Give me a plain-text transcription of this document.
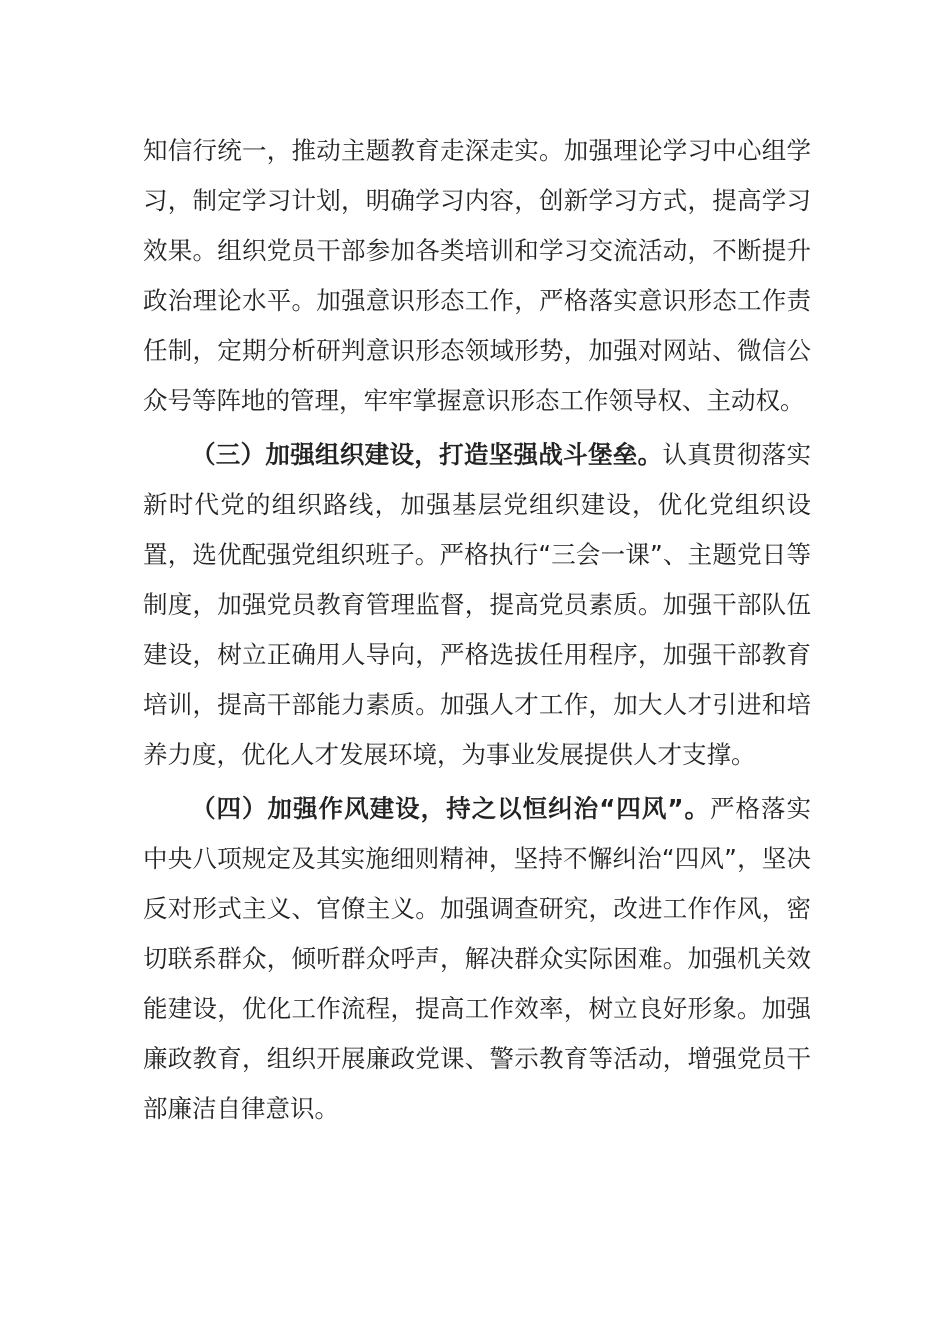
知信行统一，推动主题教育走深走实。加强理论学习中心组学习，制定学习计划，明确学习内容，创新学习方式，提高学习效果。组织党员干部参加各类培训和学习交流活动，不断提升政治理论水平。加强意识形态工作，严格落实意识形态工作责任制，定期分析研判意识形态领域形势，加强对网站、微信公众号等阵地的管理，牢牢掌握意识形态工作领导权、主动权。

（三）加强组织建设，打造坚强战斗堡垒。认真贯彻落实新时代党的组织路线，加强基层党组织建设，优化党组织设置，选优配强党组织班子。严格执行“三会一课”、主题党日等制度，加强党员教育管理监督，提高党员素质。加强干部队伍建设，树立正确用人导向，严格选拔任用程序，加强干部教育培训，提高干部能力素质。加强人才工作，加大人才引进和培养力度，优化人才发展环境，为事业发展提供人才支撑。

（四）加强作风建设，持之以恒纠治“四风”。严格落实中央八项规定及其实施细则精神，坚持不懈纠治“四风”，坚决反对形式主义、官僚主义。加强调查研究，改进工作作风，密切联系群众，倾听群众呼声，解决群众实际困难。加强机关效能建设，优化工作流程，提高工作效率，树立良好形象。加强廉政教育，组织开展廉政党课、警示教育等活动，增强党员干部廉洁自律意识。
